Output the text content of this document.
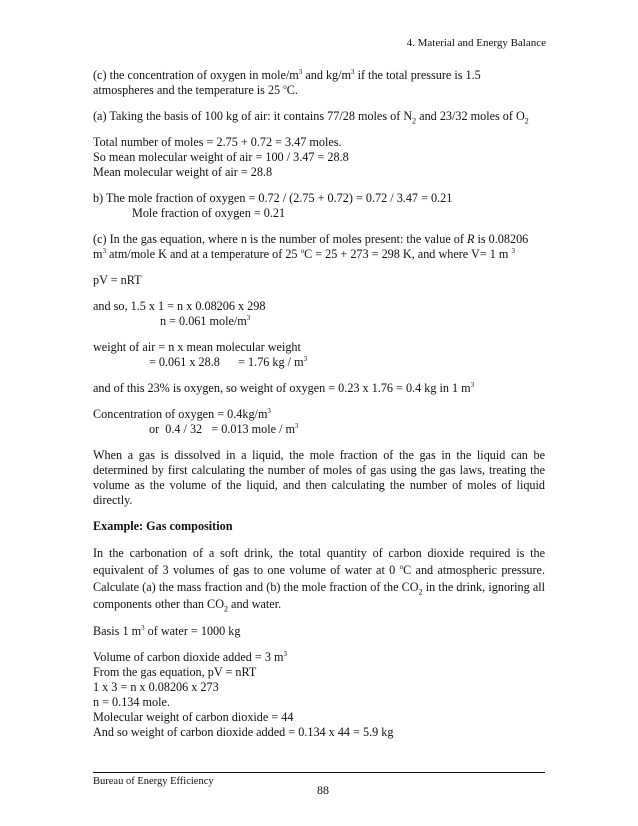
4. Material and Energy Balance
(c) the concentration of oxygen in mole/$m^3$ and $kg/m^3$ if the total pressure is 1.5
atmospheres and the temperature is 25 $^o$C.
(a) Taking the basis of 100 kg of air: it contains 77/28 moles of $N_2$ and 23/32 moles of $O_2$
Total number of moles = 2.75 + 0.72 = 3.47 moles.
So mean molecular weight of air = 100 / 3.47 = 28.8
Mean molecular weight of air = 28.8
b) The mole fraction of oxygen = 0.72 / (2.75 + 0.72) = 0.72 / 3.47 = 0.21
Mole fraction of oxygen = 0.21
(c) In the gas equation, where n is the number of moles present: the value of R is 0.08206
$m^3$ atm/mole K and at a temperature of 25 $^o$C = 25 + 273 = 298 K, and where V= 1 m $^3$
pV = nRT
and so, 1.5 x 1 = n x 0.08206 x 298
n = 0.061 mole/$m^3$
weight of air = n x mean molecular weight
= 0.061 x 28.8      = 1.76 kg / $m^3$
and of this 23% is oxygen, so weight of oxygen = 0.23 x 1.76 = 0.4 kg in 1 $m^3$
Concentration of oxygen = $0.4kg/m^3$
or  0.4 / 32   = 0.013 mole / $m^3$
When a gas is dissolved in a liquid, the mole fraction of the gas in the liquid can be determined by first calculating the number of moles of gas using the gas laws, treating the volume as the volume of the liquid, and then calculating the number of moles of liquid directly.
Example: Gas composition
In the carbonation of a soft drink, the total quantity of carbon dioxide required is the equivalent of 3 volumes of gas to one volume of water at 0 $^o$C and atmospheric pressure. Calculate (a) the mass fraction and (b) the mole fraction of the $CO_2$ in the drink, ignoring all components other than $CO_2$ and water.
Basis 1 $m^3$ of water = 1000 kg
Volume of carbon dioxide added = 3 $m^3$
From the gas equation, pV = nRT
1 x 3 = n x 0.08206 x 273
n = 0.134 mole.
Molecular weight of carbon dioxide = 44
And so weight of carbon dioxide added = 0.134 x 44 = 5.9 kg
Bureau of Energy Efficiency
88
